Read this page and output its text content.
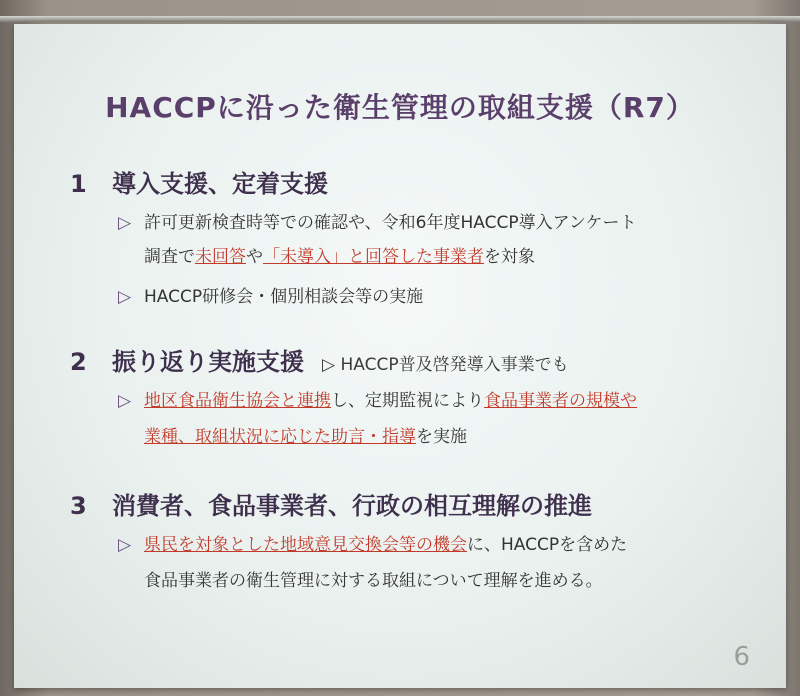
HACCPに沿った衛生管理の取組支援（R7）
1 導入支援、定着支援
▷ 許可更新検査時等での確認や、令和6年度HACCP導入アンケート
調査で未回答や「未導入」と回答した事業者を対象
▷ HACCP研修会・個別相談会等の実施
2 振り返り実施支援 ▷ HACCP普及啓発導入事業でも
▷ 地区食品衛生協会と連携し、定期監視により食品事業者の規模や
業種、取組状況に応じた助言・指導を実施
3 消費者、食品事業者、行政の相互理解の推進
▷ 県民を対象とした地域意見交換会等の機会に、HACCPを含めた
食品事業者の衛生管理に対する取組について理解を進める。
6
